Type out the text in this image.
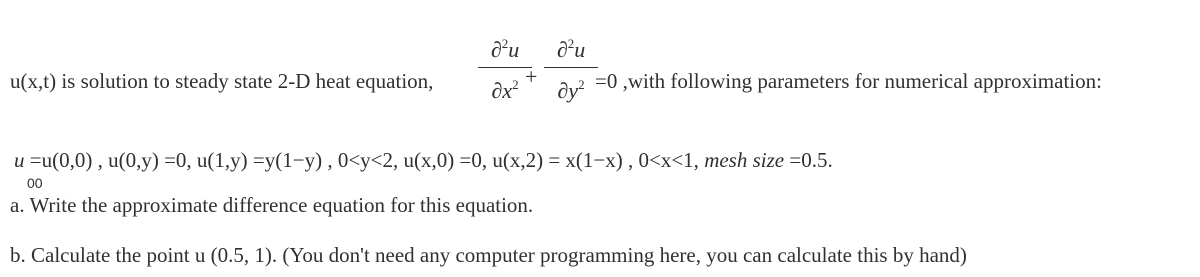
u(x,t) is solution to steady state 2-D heat equation,
∂$^2$u
$\partial x^2$ +
∂$^2$u
$\partial y^2 =0$ ,with following parameters for numerical approximation:
u =u(0,0) , u(0,y) =0, u(1,y) =y(1−y) , 0<y<2, u(x,0) =0, u(x,2) = x(1−x) , 0<x<1, mesh size =0.5.
00
a. Write the approximate difference equation for this equation.
b. Calculate the point u (0.5, 1). (You don't need any computer programming here, you can calculate this by hand)
